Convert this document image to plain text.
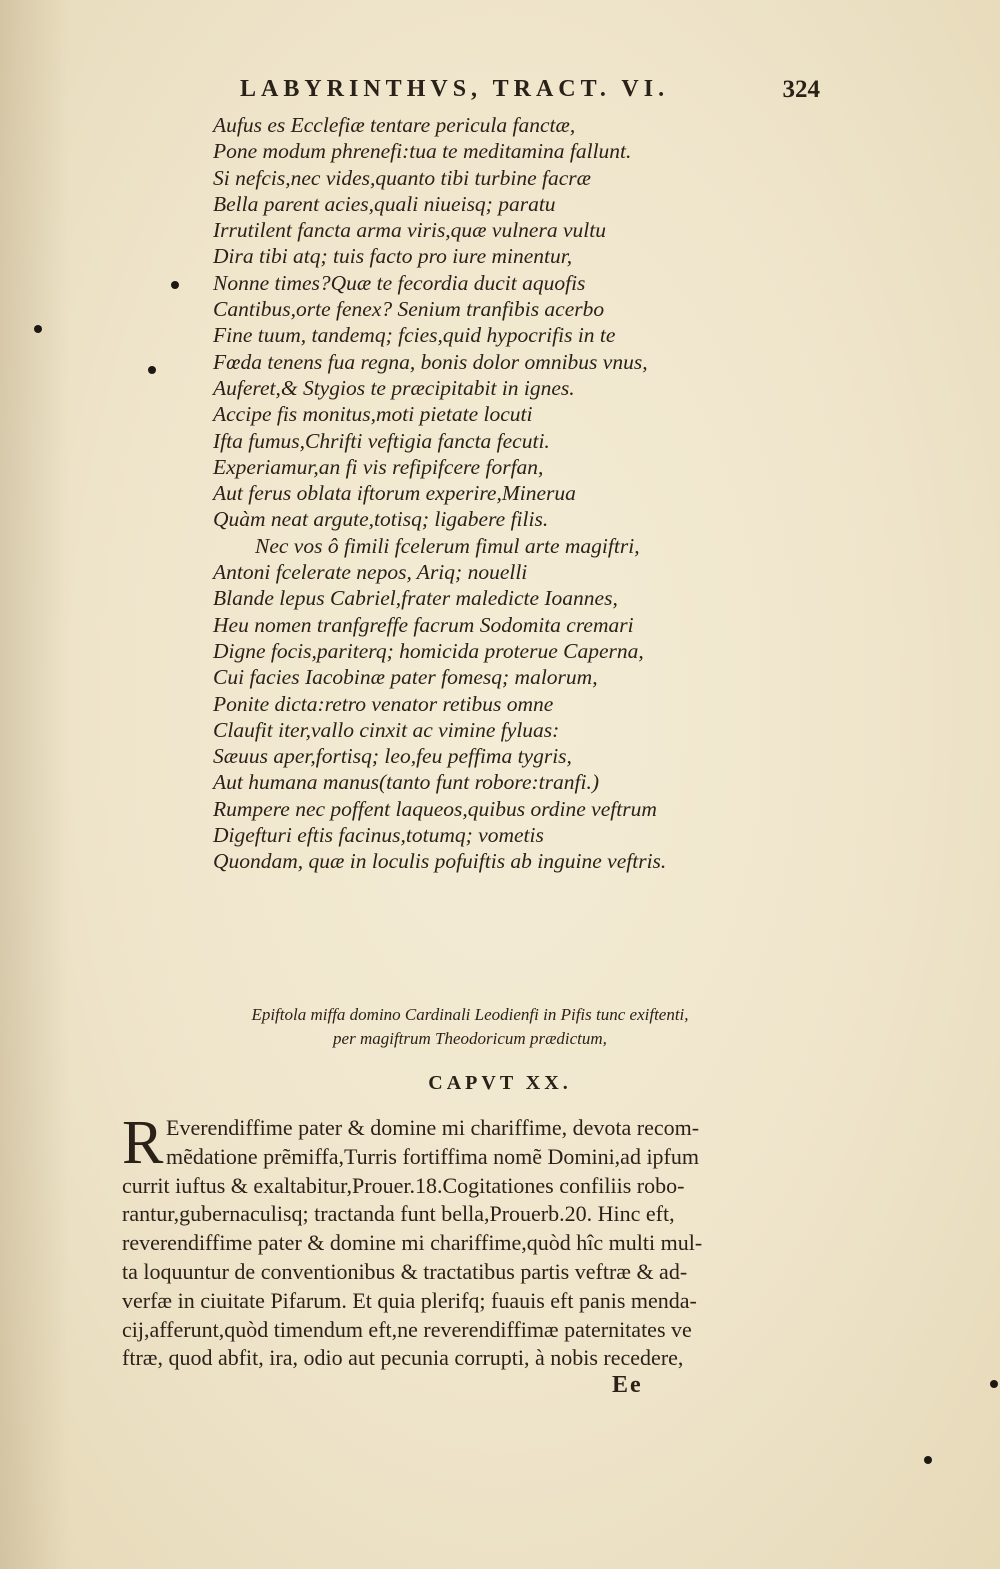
LABYRINTHVS, TRACT. VI.	324
Aufus es Ecclefiæ tentare pericula fanctæ,
Pone modum phrenefi:tua te meditamina fallunt.
Si nefcis,nec vides,quanto tibi turbine facræ
Bella parent acies,quali niueisq; paratu
Irrutilent fancta arma viris,quæ vulnera vultu
Dira tibi atq; tuis facto pro iure minentur,
Nonne times?Quæ te fecordia ducit aquofis
Cantibus,orte fenex? Senium tranfibis acerbo
Fine tuum, tandemq; fcies,quid hypocrifis in te
Fœda tenens fua regna, bonis dolor omnibus vnus,
Auferet,& Stygios te præcipitabit in ignes.
Accipe fis monitus,moti pietate locuti
Ifta fumus,Chrifti veftigia fancta fecuti.
Experiamur,an fi vis refipifcere forfan,
Aut ferus oblata iftorum experire,Minerua
Quàm neat argute,totisq; ligabere filis.
Nec vos ô fimili fcelerum fimul arte magiftri,
Antoni fcelerate nepos, Ariq; nouelli
Blande lepus Cabriel,frater maledicte Ioannes,
Heu nomen tranfgreffe facrum Sodomita cremari
Digne focis,pariterq; homicida proterue Caperna,
Cui facies Iacobinæ pater fomesq; malorum,
Ponite dicta:retro venator retibus omne
Claufit iter,vallo cinxit ac vimine fyluas:
Sæuus aper,fortisq; leo,feu peffima tygris,
Aut humana manus(tanto funt robore:tranfi.)
Rumpere nec poffent laqueos,quibus ordine veftrum
Digefturi eftis facinus,totumq; vometis
Quondam, quæ in loculis pofuiftis ab inguine veftris.
Epiftola miffa domino Cardinali Leodienfi in Pifis tunc exiftenti,
per magiftrum Theodoricum prædictum,
CAPVT XX.
R Everendiffime pater & domine mi chariffime, devota recom-
mẽdatione prẽmiffa,Turris fortiffima nomẽ Domini,ad ipfum
currit iuftus & exaltabitur,Prouer.18.Cogitationes confiliis robo-
rantur,gubernaculisq; tractanda funt bella,Prouerb.20. Hinc eft,
reverendiffime pater & domine mi chariffime,quòd hîc multi mul-
ta loquuntur de conventionibus & tractatibus partis veftræ & ad-
verfæ in ciuitate Pifarum. Et quia plerifq; fuauis eft panis menda-
cij,afferunt,quòd timendum eft,ne reverendiffimæ paternitates ve
ftræ, quod abfit, ira, odio aut pecunia corrupti, à nobis recedere,
Ee
